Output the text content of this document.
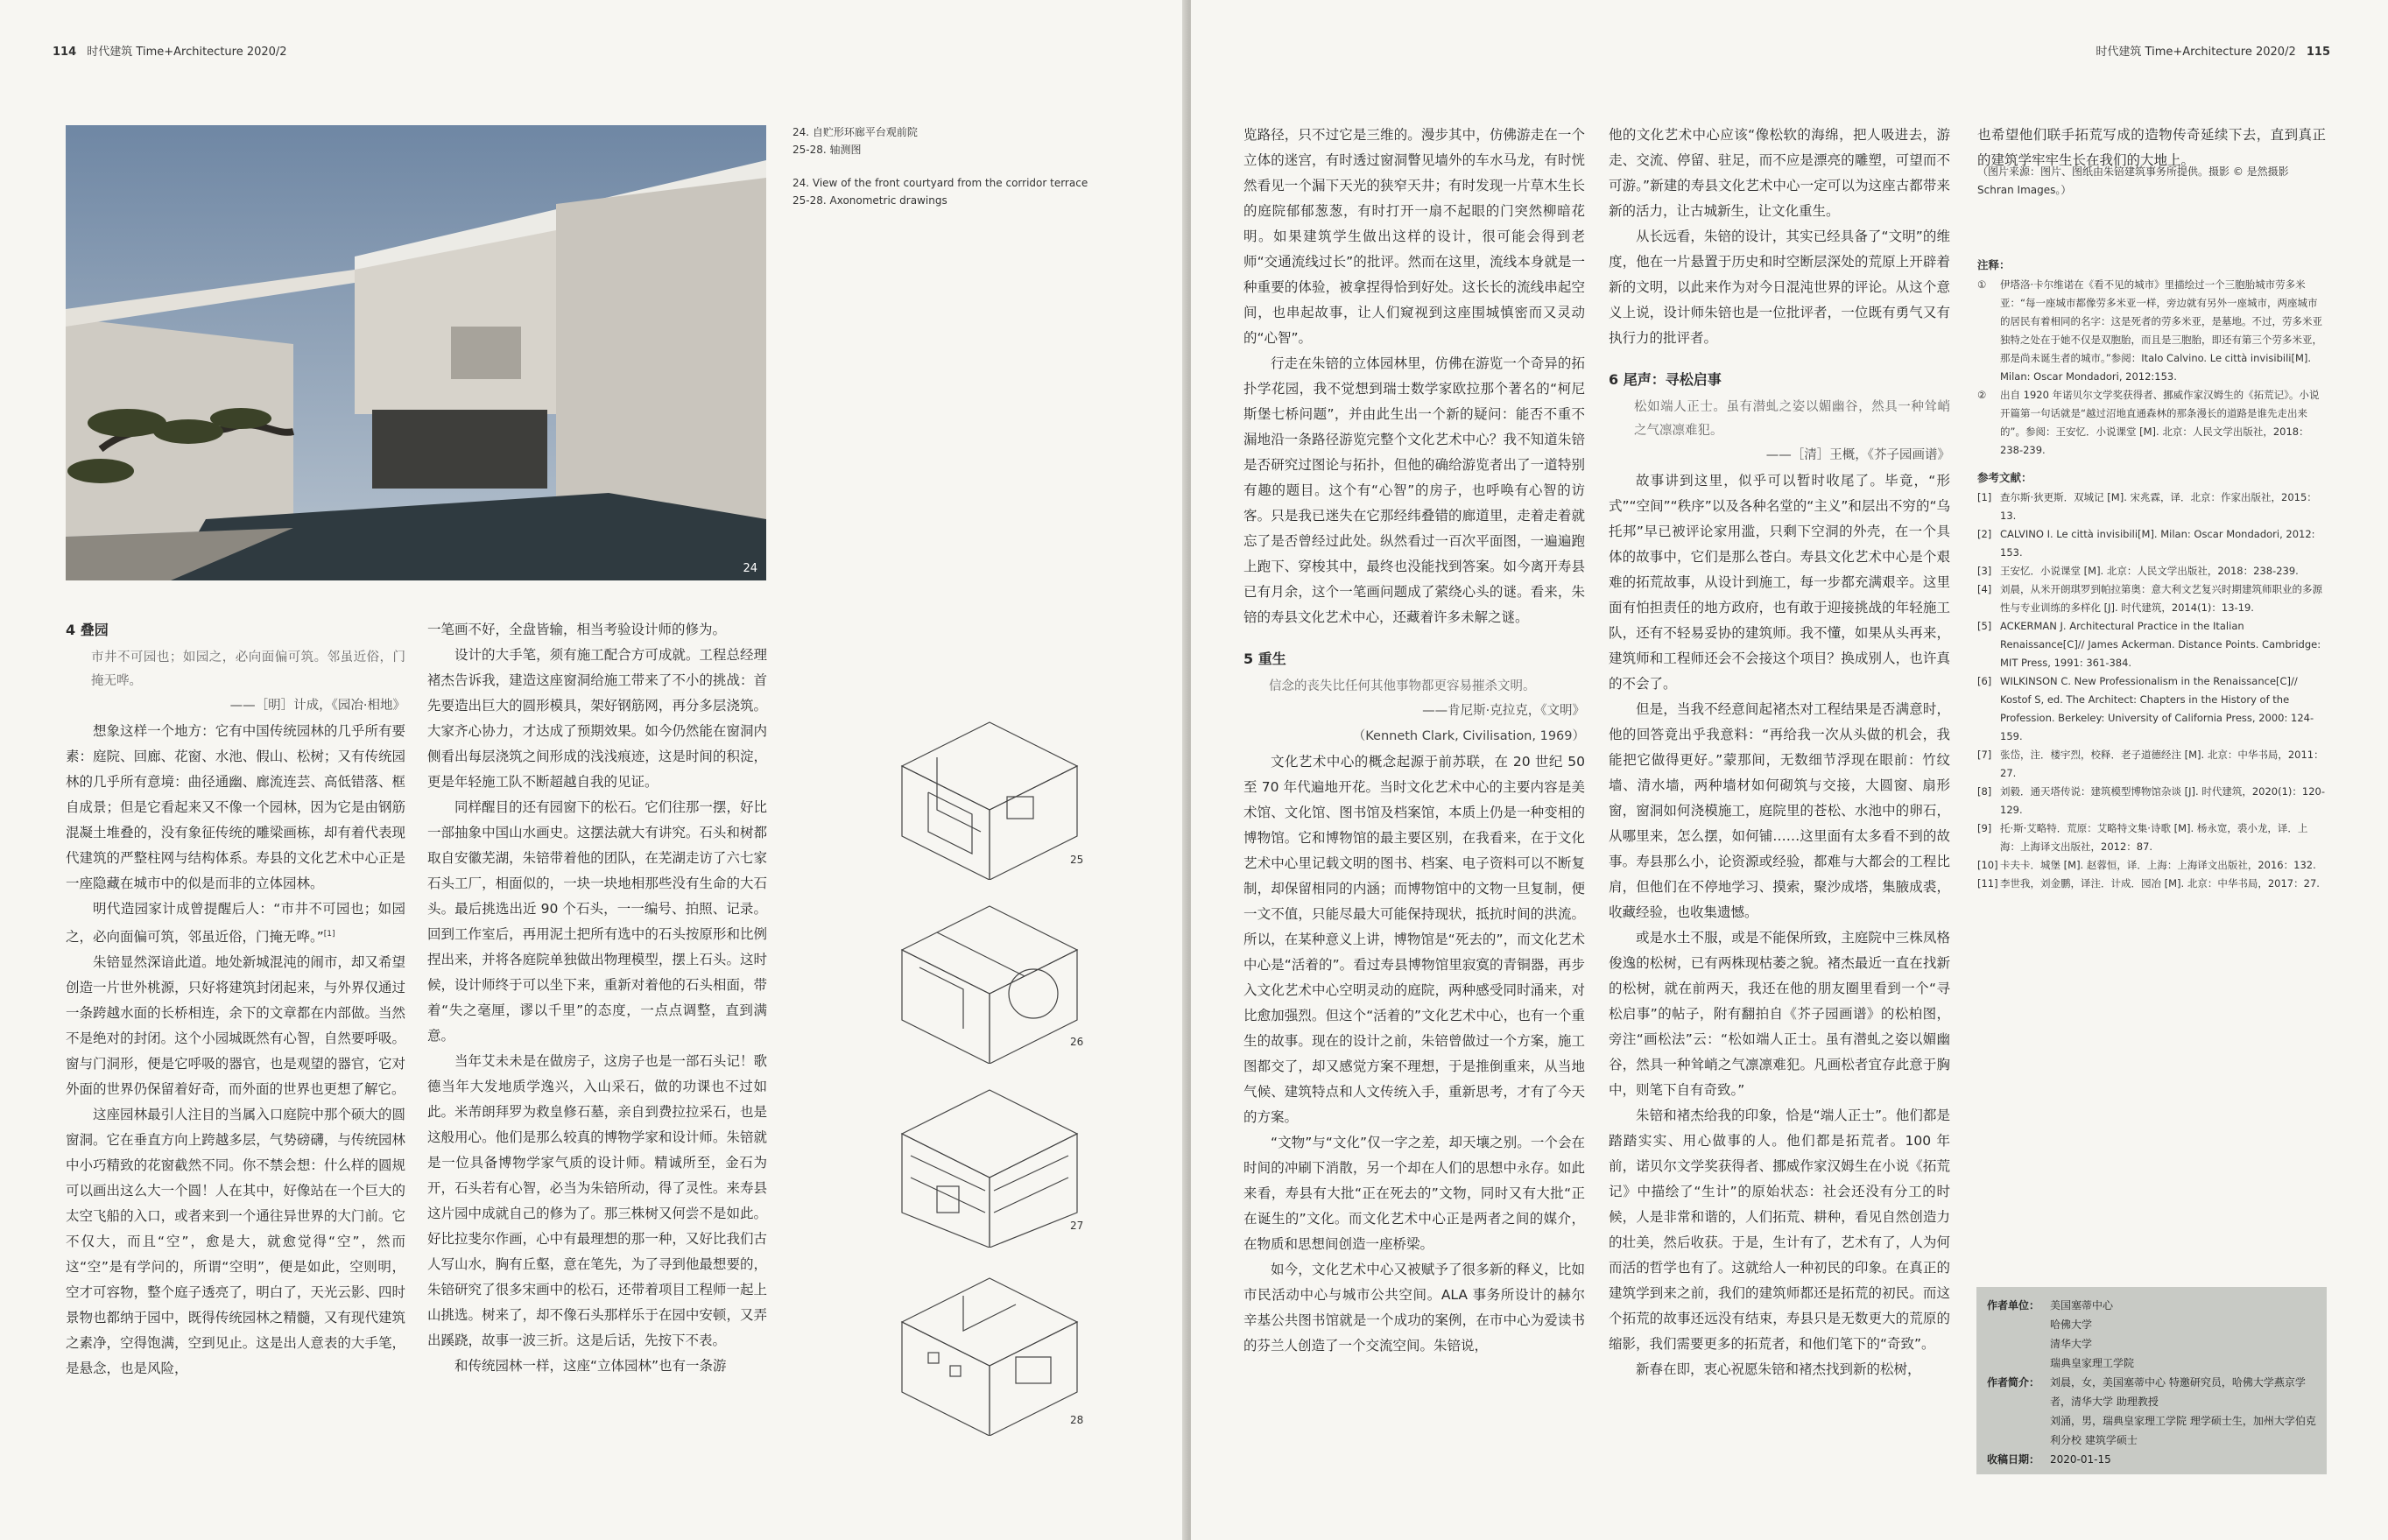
114 时代建筑 Time+Architecture 2020/2
24

24. 自贮形环廊平台观前院

25-28. 轴测图

24. View of the front courtyard from the corridor terrace

25-28. Axonometric drawings

4 叠园

市井不可园也；如园之，必向面偏可筑。邻虽近俗，门掩无哗。

——［明］计成，《园冶·相地》

想象这样一个地方：它有中国传统园林的几乎所有要素：庭院、回廊、花窗、水池、假山、松树；又有传统园林的几乎所有意境：曲径通幽、廊流连芸、高低错落、框自成景；但是它看起来又不像一个园林，因为它是由钢筋混凝土堆叠的，没有象征传统的雕梁画栋，却有着代表现代建筑的严整柱网与结构体系。寿县的文化艺术中心正是一座隐藏在城市中的似是而非的立体园林。

明代造园家计成曾提醒后人：“市井不可园也；如园之，必向面偏可筑，邻虽近俗，门掩无哗。”[1]

朱锫显然深谙此道。地处新城混沌的闹市，却又希望创造一片世外桃源，只好将建筑封闭起来，与外界仅通过一条跨越水面的长桥相连，余下的文章都在内部做。当然不是绝对的封闭。这个小园城既然有心智，自然要呼吸。窗与门洞形，便是它呼吸的器官，也是观望的器官，它对外面的世界仍保留着好奇，而外面的世界也更想了解它。

这座园林最引人注目的当属入口庭院中那个硕大的圆窗洞。它在垂直方向上跨越多层，气势磅礴，与传统园林中小巧精致的花窗截然不同。你不禁会想：什么样的圆规可以画出这么大一个圆！人在其中，好像站在一个巨大的太空飞船的入口，或者来到一个通往异世界的大门前。它不仅大，而且“空”，愈是大，就愈觉得“空”，然而这“空”是有学问的，所谓“空明”，便是如此，空则明，空才可容物，整个庭子透亮了，明白了，天光云影、四时景物也都纳于园中，既得传统园林之精髓，又有现代建筑之素净，空得饱满，空到见止。这是出人意表的大手笔，是悬念，也是风险，

一笔画不好，全盘皆输，相当考验设计师的修为。

设计的大手笔，须有施工配合方可成就。工程总经理褚杰告诉我，建造这座窗洞给施工带来了不小的挑战：首先要造出巨大的圆形模具，架好钢筋网，再分多层浇筑。大家齐心协力，才达成了预期效果。如今仍然能在窗洞内侧看出每层浇筑之间形成的浅浅痕迹，这是时间的积淀，更是年轻施工队不断超越自我的见证。

同样醒目的还有园窗下的松石。它们往那一摆，好比一部抽象中国山水画史。这摆法就大有讲究。石头和树都取自安徽芜湖，朱锫带着他的团队，在芜湖走访了六七家石头工厂，相面似的，一块一块地相那些没有生命的大石头。最后挑选出近 90 个石头，一一编号、拍照、记录。回到工作室后，再用泥土把所有选中的石头按原形和比例捏出来，并将各庭院单独做出物理模型，摆上石头。这时候，设计师终于可以坐下来，重新对着他的石头相面，带着“失之毫厘，谬以千里”的态度，一点点调整，直到满意。

当年艾未未是在做房子，这房子也是一部石头记！歌德当年大发地质学逸兴，入山采石，做的功课也不过如此。米芾朗拜罗为救皇修石墓，亲自到费拉拉采石，也是这般用心。他们是那么较真的博物学家和设计师。朱锫就是一位具备博物学家气质的设计师。精诚所至，金石为开，石头若有心智，必当为朱锫所动，得了灵性。来寿县这片园中成就自己的修为了。那三株树又何尝不是如此。好比拉斐尔作画，心中有最理想的那一种，又好比我们古人写山水，胸有丘壑，意在笔先，为了寻到他最想要的，朱锫研究了很多宋画中的松石，还带着项目工程师一起上山挑选。树来了，却不像石头那样乐于在园中安顿，又弄出蹊跷，故事一波三折。这是后话，先按下不表。

和传统园林一样，这座“立体园林”也有一条游

25
26
27
28
时代建筑 Time+Architecture 2020/2 115

览路径，只不过它是三维的。漫步其中，仿佛游走在一个立体的迷宫，有时透过窗洞瞥见墙外的车水马龙，有时恍然看见一个漏下天光的狭窄天井；有时发现一片草木生长的庭院郁郁葱葱，有时打开一扇不起眼的门突然柳暗花明。如果建筑学生做出这样的设计，很可能会得到老师“交通流线过长”的批评。然而在这里，流线本身就是一种重要的体验，被拿捏得恰到好处。这长长的流线串起空间，也串起故事，让人们窥视到这座围城慎密而又灵动的“心智”。

行走在朱锫的立体园林里，仿佛在游览一个奇异的拓扑学花园，我不觉想到瑞士数学家欧拉那个著名的“柯尼斯堡七桥问题”，并由此生出一个新的疑问：能否不重不漏地沿一条路径游览完整个文化艺术中心？我不知道朱锫是否研究过图论与拓扑，但他的确给游览者出了一道特别有趣的题目。这个有“心智”的房子，也呼唤有心智的访客。只是我已迷失在它那经纬叠错的廊道里，走着走着就忘了是否曾经过此处。纵然看过一百次平面图，一遍遍跑上跑下、穿梭其中，最终也没能找到答案。如今离开寿县已有月余，这个一笔画问题成了萦绕心头的谜。看来，朱锫的寿县文化艺术中心，还藏着许多未解之谜。

5 重生

信念的丧失比任何其他事物都更容易摧杀文明。

——肯尼斯·克拉克，《文明》

（Kenneth Clark, Civilisation, 1969）

文化艺术中心的概念起源于前苏联，在 20 世纪 50 至 70 年代遍地开花。当时文化艺术中心的主要内容是美术馆、文化馆、图书馆及档案馆，本质上仍是一种变相的博物馆。它和博物馆的最主要区别，在我看来，在于文化艺术中心里记载文明的图书、档案、电子资料可以不断复制，却保留相同的内涵；而博物馆中的文物一旦复制，便一文不值，只能尽最大可能保持现状，抵抗时间的洪流。所以，在某种意义上讲，博物馆是“死去的”，而文化艺术中心是“活着的”。看过寿县博物馆里寂寞的青铜器，再步入文化艺术中心空明灵动的庭院，两种感受同时涌来，对比愈加强烈。但这个“活着的”文化艺术中心，也有一个重生的故事。现在的设计之前，朱锫曾做过一个方案，施工图都交了，却又感觉方案不理想，于是推倒重来，从当地气候、建筑特点和人文传统入手，重新思考，才有了今天的方案。

“文物”与“文化”仅一字之差，却天壤之别。一个会在时间的冲刷下消散，另一个却在人们的思想中永存。如此来看，寿县有大批“正在死去的”文物，同时又有大批“正在诞生的”文化。而文化艺术中心正是两者之间的媒介，在物质和思想间创造一座桥梁。

如今，文化艺术中心又被赋予了很多新的释义，比如市民活动中心与城市公共空间。ALA 事务所设计的赫尔辛基公共图书馆就是一个成功的案例，在市中心为爱读书的芬兰人创造了一个交流空间。朱锫说，

他的文化艺术中心应该“像松软的海绵，把人吸进去，游走、交流、停留、驻足，而不应是漂亮的雕塑，可望而不可游。”新建的寿县文化艺术中心一定可以为这座古都带来新的活力，让古城新生，让文化重生。

从长远看，朱锫的设计，其实已经具备了“文明”的维度，他在一片悬置于历史和时空断层深处的荒原上开辟着新的文明，以此来作为对今日混沌世界的评论。从这个意义上说，设计师朱锫也是一位批评者，一位既有勇气又有执行力的批评者。

6 尾声：寻松启事

松如端人正士。虽有潜虬之姿以媚幽谷，然具一种耸峭之气凛凛难犯。

——［清］王概，《芥子园画谱》

故事讲到这里，似乎可以暂时收尾了。毕竟，“形式”“空间”“秩序”以及各种名堂的“主义”和层出不穷的“乌托邦”早已被评论家用滥，只剩下空洞的外壳，在一个具体的故事中，它们是那么苍白。寿县文化艺术中心是个艰难的拓荒故事，从设计到施工，每一步都充满艰辛。这里面有怕担责任的地方政府，也有敢于迎接挑战的年轻施工队，还有不轻易妥协的建筑师。我不懂，如果从头再来，建筑师和工程师还会不会接这个项目？换成别人，也许真的不会了。

但是，当我不经意间起褚杰对工程结果是否满意时，他的回答竟出乎我意料：“再给我一次从头做的机会，我能把它做得更好。”蒙那间，无数细节浮现在眼前：竹纹墙、清水墙，两种墙材如何砌筑与交接，大圆窗、扇形窗，窗洞如何浇模施工，庭院里的苍松、水池中的卵石，从哪里来，怎么摆，如何铺……这里面有太多看不到的故事。寿县那么小，论资源或经验，都难与大都会的工程比肩，但他们在不停地学习、摸索，聚沙成塔，集腋成裘，收藏经验，也收集遗憾。

或是水土不服，或是不能保所致，主庭院中三株凤格俊逸的松树，已有两株现枯萎之貌。褚杰最近一直在找新的松树，就在前两天，我还在他的朋友圈里看到一个“寻松启事”的帖子，附有翻拍自《芥子园画谱》的松柏图，旁注“画松法”云：“松如端人正士。虽有潜虬之姿以媚幽谷，然具一种耸峭之气凛凛难犯。凡画松者宜存此意于胸中，则笔下自有奇致。”

朱锫和褚杰给我的印象，恰是“端人正士”。他们都是踏踏实实、用心做事的人。他们都是拓荒者。100 年前，诺贝尔文学奖获得者、挪威作家汉姆生在小说《拓荒记》中描绘了“生计”的原始状态：社会还没有分工的时候，人是非常和谐的，人们拓荒、耕种，看见自然创造力的壮美，然后收获。于是，生计有了，艺术有了，人为何而活的哲学也有了。这就给人一种初民的印象。在真正的建筑学到来之前，我们的建筑师都还是拓荒的初民。而这个拓荒的故事还远没有结束，寿县只是无数更大的荒原的缩影，我们需要更多的拓荒者，和他们笔下的“奇致”。

新春在即，衷心祝愿朱锫和褚杰找到新的松树，

也希望他们联手拓荒写成的造物传奇延续下去，直到真正的建筑学牢牢生长在我们的大地上。

（图片来源：图片、图纸由朱锫建筑事务所提供。摄影 © 是然摄影 Schran Images。）
注释：
①	伊塔洛·卡尔维诺在《看不见的城市》里描绘过一个三胞胎城市劳多米亚：“每一座城市都像劳多米亚一样，旁边就有另外一座城市，两座城市的居民有着相同的名字：这是死者的劳多米亚，是墓地。不过，劳多米亚独特之处在于她不仅是双胞胎，而且是三胞胎，即还有第三个劳多米亚，那是尚未诞生者的城市。”参阅：Italo Calvino. Le città invisibili[M]. Milan: Oscar Mondadori, 2012:153.
②	出自 1920 年诺贝尔文学奖获得者、挪威作家汉姆生的《拓荒记》。小说开篇第一句话就是“越过沼地直通森林的那条漫长的道路是谁先走出来的”。参阅：王安忆．小说课堂 [M]. 北京：人民文学出版社，2018：238-239.
参考文献：
[1] 查尔斯·狄更斯．双城记 [M]. 宋兆霖，译．北京：作家出版社，2015：13.
[2] CALVINO I. Le città invisibili[M]. Milan: Oscar Mondadori, 2012: 153.
[3] 王安忆．小说课堂 [M]. 北京：人民文学出版社，2018：238-239.
[4] 刘晨，从米开朗琪罗到帕拉第奥：意大利文艺复兴时期建筑师职业的多源性与专业训练的多样化 [J]. 时代建筑，2014(1)：13-19.
[5] ACKERMAN J. Architectural Practice in the Italian Renaissance[C]// James Ackerman. Distance Points. Cambridge: MIT Press, 1991: 361-384.
[6] WILKINSON C. New Professionalism in the Renaissance[C]// Kostof S, ed. The Architect: Chapters in the History of the Profession. Berkeley: University of California Press, 2000: 124-159.
[7] 张岱，注．楼宇烈，校释．老子道德经注 [M]. 北京：中华书局，2011：27.
[8] 刘毅．通天塔传说：建筑模型博物馆杂谈 [J]. 时代建筑，2020(1)：120-129.
[9] 托·斯·艾略特．荒原：艾略特文集·诗歌 [M]. 杨永宽，裘小龙，译．上海：上海译文出版社，2012：87.
[10] 卡夫卡．城堡 [M]. 赵蓉恒，译．上海：上海译文出版社，2016：132.
[11] 李世我，刘金鹏，译注．计成．园冶 [M]. 北京：中华书局，2017：27.
作者单位： 美国塞蒂中心
哈佛大学
清华大学
瑞典皇家理工学院
作者简介： 刘晨，女，美国塞蒂中心 特邀研究员，哈佛大学燕京学者，清华大学 助理教授
刘涌，男，瑞典皇家理工学院 理学硕士生，加州大学伯克利分校 建筑学硕士
收稿日期： 2020-01-15
